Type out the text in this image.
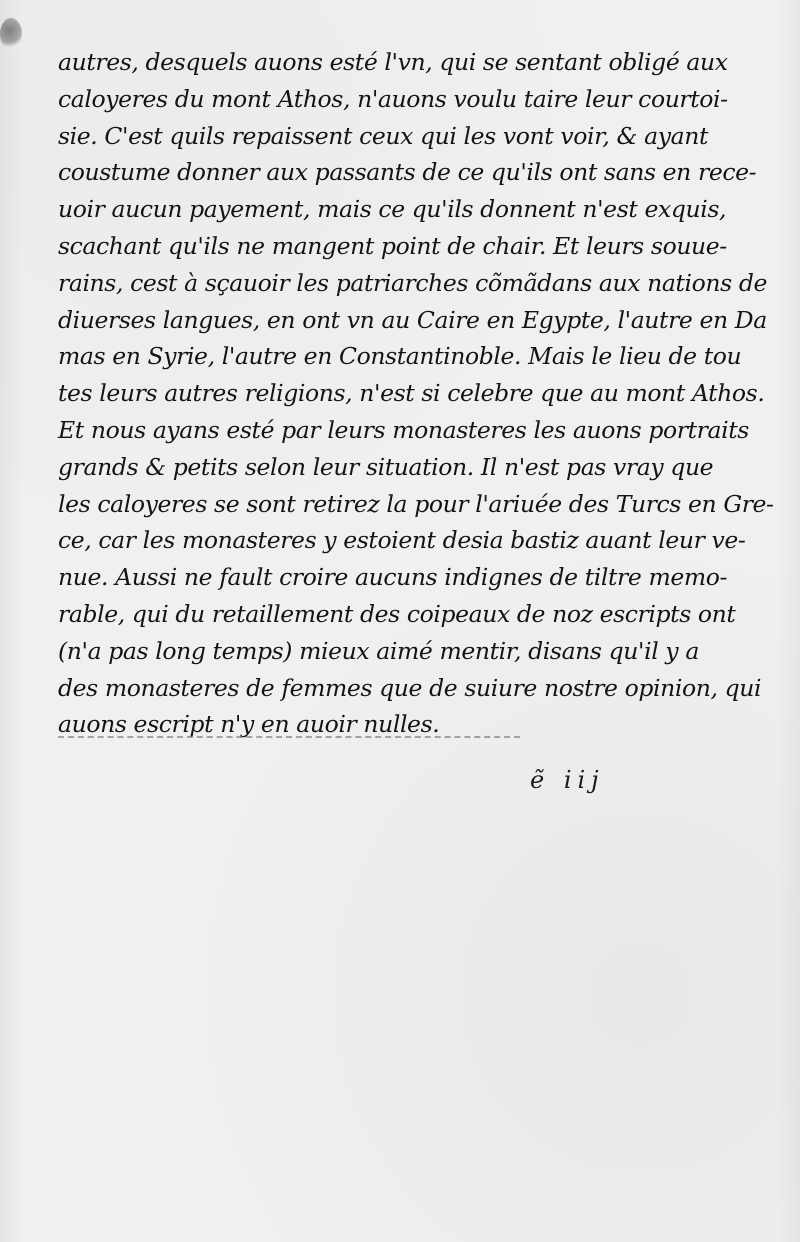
autres, desquels auons esté l'vn, qui se sentant obligé aux
caloyeres du mont Athos, n'auons voulu taire leur courtoi-
sie. C'est quils repaissent ceux qui les vont voir, & ayant
coustume donner aux passants de ce qu'ils ont sans en rece-
uoir aucun payement, mais ce qu'ils donnent n'est exquis,
scachant qu'ils ne mangent point de chair. Et leurs souue-
rains, cest à sçauoir les patriarches cõmãdans aux nations de
diuerses langues, en ont vn au Caire en Egypte, l'autre en Da
mas en Syrie, l'autre en Constantinoble. Mais le lieu de tou
tes leurs autres religions, n'est si celebre que au mont Athos.
Et nous ayans esté par leurs monasteres les auons portraits
grands & petits selon leur situation. Il n'est pas vray que
les caloyeres se sont retirez la pour l'ariuée des Turcs en Gre-
ce, car les monasteres y estoient desia bastiz auant leur ve-
nue. Aussi ne fault croire aucuns indignes de tiltre memo-
rable, qui du retaillement des coipeaux de noz escripts ont
(n'a pas long temps) mieux aimé mentir, disans qu'il y a
des monasteres de femmes que de suiure nostre opinion, qui
auons escript n'y en auoir nulles.
ẽ iij
